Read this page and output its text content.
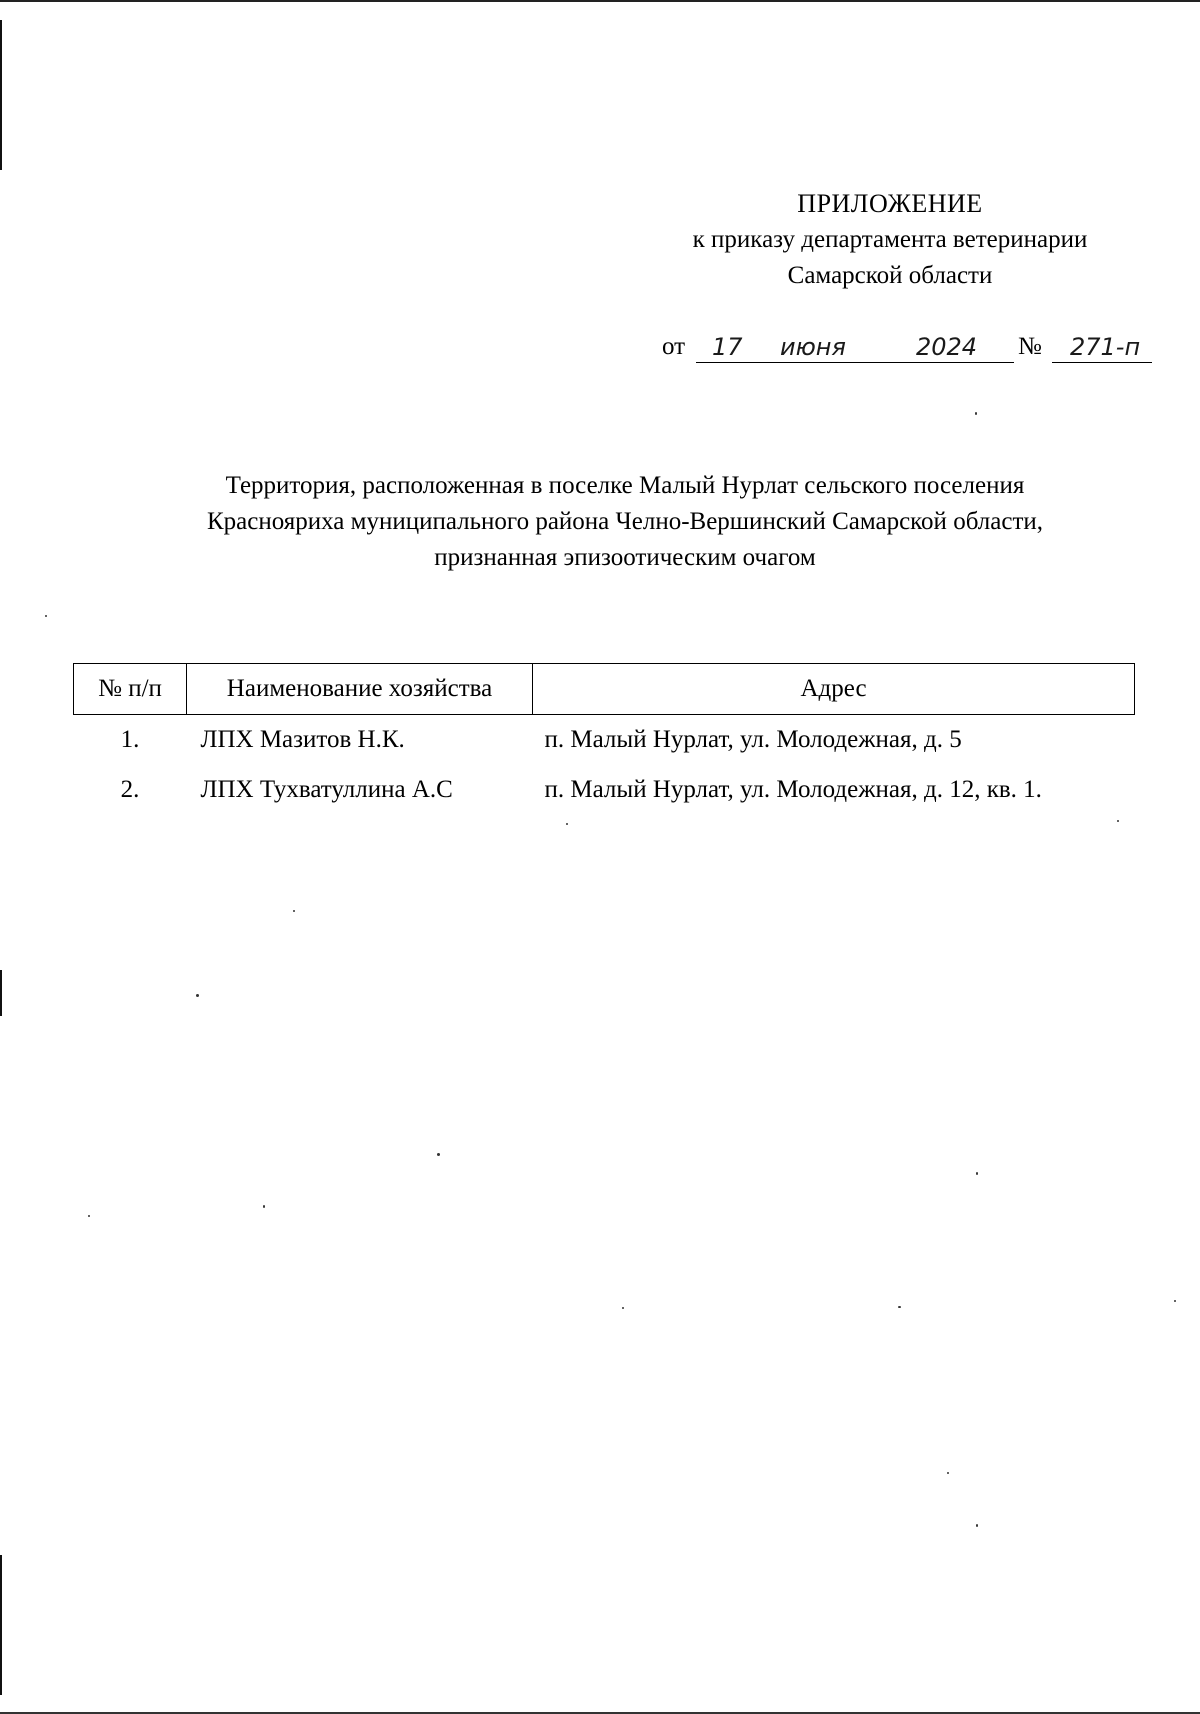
ПРИЛОЖЕНИЕ
к приказу департамента ветеринарии
Самарской области
от 17 июня	2024 № 271-п
Территория, расположенная в поселке Малый Нурлат сельского поселения
Краснояриха муниципального района Челно-Вершинский Самарской области,
признанная эпизоотическим очагом
№ п/п	Наименование хозяйства	Адрес
1.	ЛПХ Мазитов Н.К.	п. Малый Нурлат, ул. Молодежная, д. 5
2.	ЛПХ Тухватуллина А.С	п. Малый Нурлат, ул. Молодежная, д. 12, кв. 1.
